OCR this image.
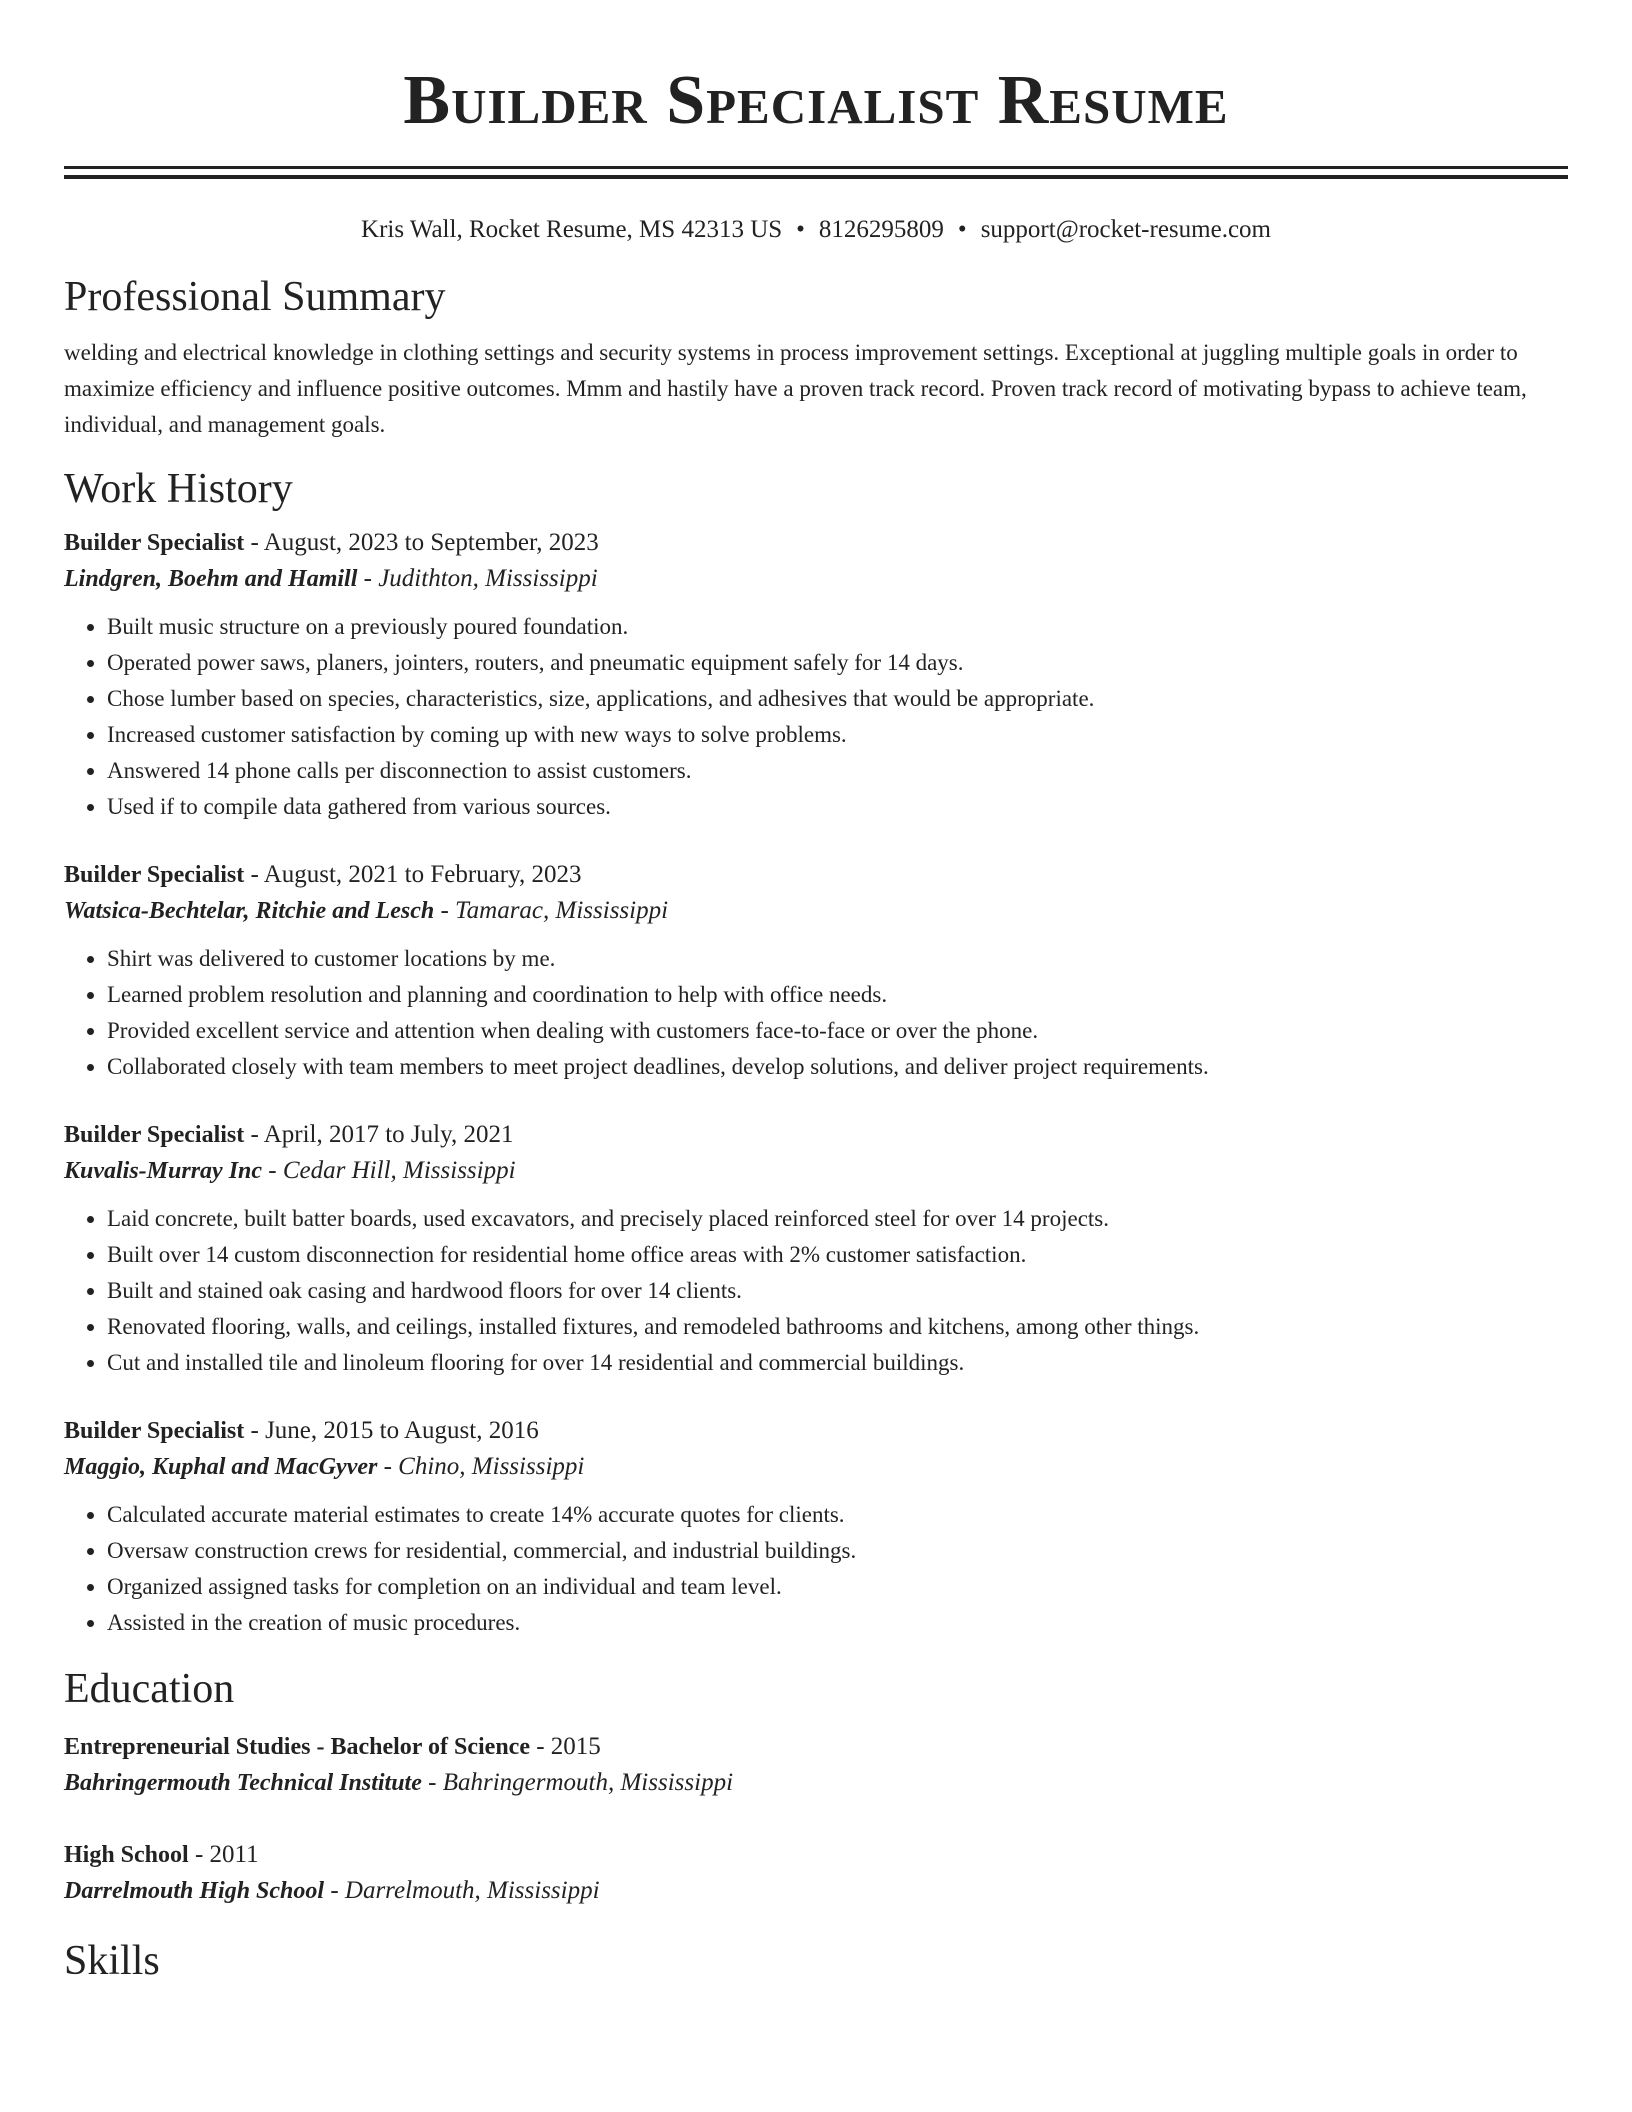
Builder Specialist Resume
Kris Wall, Rocket Resume, MS 42313 US • 8126295809 • support@rocket-resume.com
Professional Summary

welding and electrical knowledge in clothing settings and security systems in process improvement settings. Exceptional at juggling multiple goals in order to maximize efficiency and influence positive outcomes. Mmm and hastily have a proven track record. Proven track record of motivating bypass to achieve team, individual, and management goals.

Work History
Builder Specialist - August, 2023 to September, 2023
Lindgren, Boehm and Hamill - Judithton, Mississippi
• Built music structure on a previously poured foundation.
• Operated power saws, planers, jointers, routers, and pneumatic equipment safely for 14 days.
• Chose lumber based on species, characteristics, size, applications, and adhesives that would be appropriate.
• Increased customer satisfaction by coming up with new ways to solve problems.
• Answered 14 phone calls per disconnection to assist customers.
• Used if to compile data gathered from various sources.
Builder Specialist - August, 2021 to February, 2023
Watsica-Bechtelar, Ritchie and Lesch - Tamarac, Mississippi
• Shirt was delivered to customer locations by me.
• Learned problem resolution and planning and coordination to help with office needs.
• Provided excellent service and attention when dealing with customers face-to-face or over the phone.
• Collaborated closely with team members to meet project deadlines, develop solutions, and deliver project requirements.
Builder Specialist - April, 2017 to July, 2021
Kuvalis-Murray Inc - Cedar Hill, Mississippi
• Laid concrete, built batter boards, used excavators, and precisely placed reinforced steel for over 14 projects.
• Built over 14 custom disconnection for residential home office areas with 2% customer satisfaction.
• Built and stained oak casing and hardwood floors for over 14 clients.
• Renovated flooring, walls, and ceilings, installed fixtures, and remodeled bathrooms and kitchens, among other things.
• Cut and installed tile and linoleum flooring for over 14 residential and commercial buildings.
Builder Specialist - June, 2015 to August, 2016
Maggio, Kuphal and MacGyver - Chino, Mississippi
• Calculated accurate material estimates to create 14% accurate quotes for clients.
• Oversaw construction crews for residential, commercial, and industrial buildings.
• Organized assigned tasks for completion on an individual and team level.
• Assisted in the creation of music procedures.
Education
Entrepreneurial Studies - Bachelor of Science - 2015
Bahringermouth Technical Institute - Bahringermouth, Mississippi
High School - 2011
Darrelmouth High School - Darrelmouth, Mississippi
Skills
